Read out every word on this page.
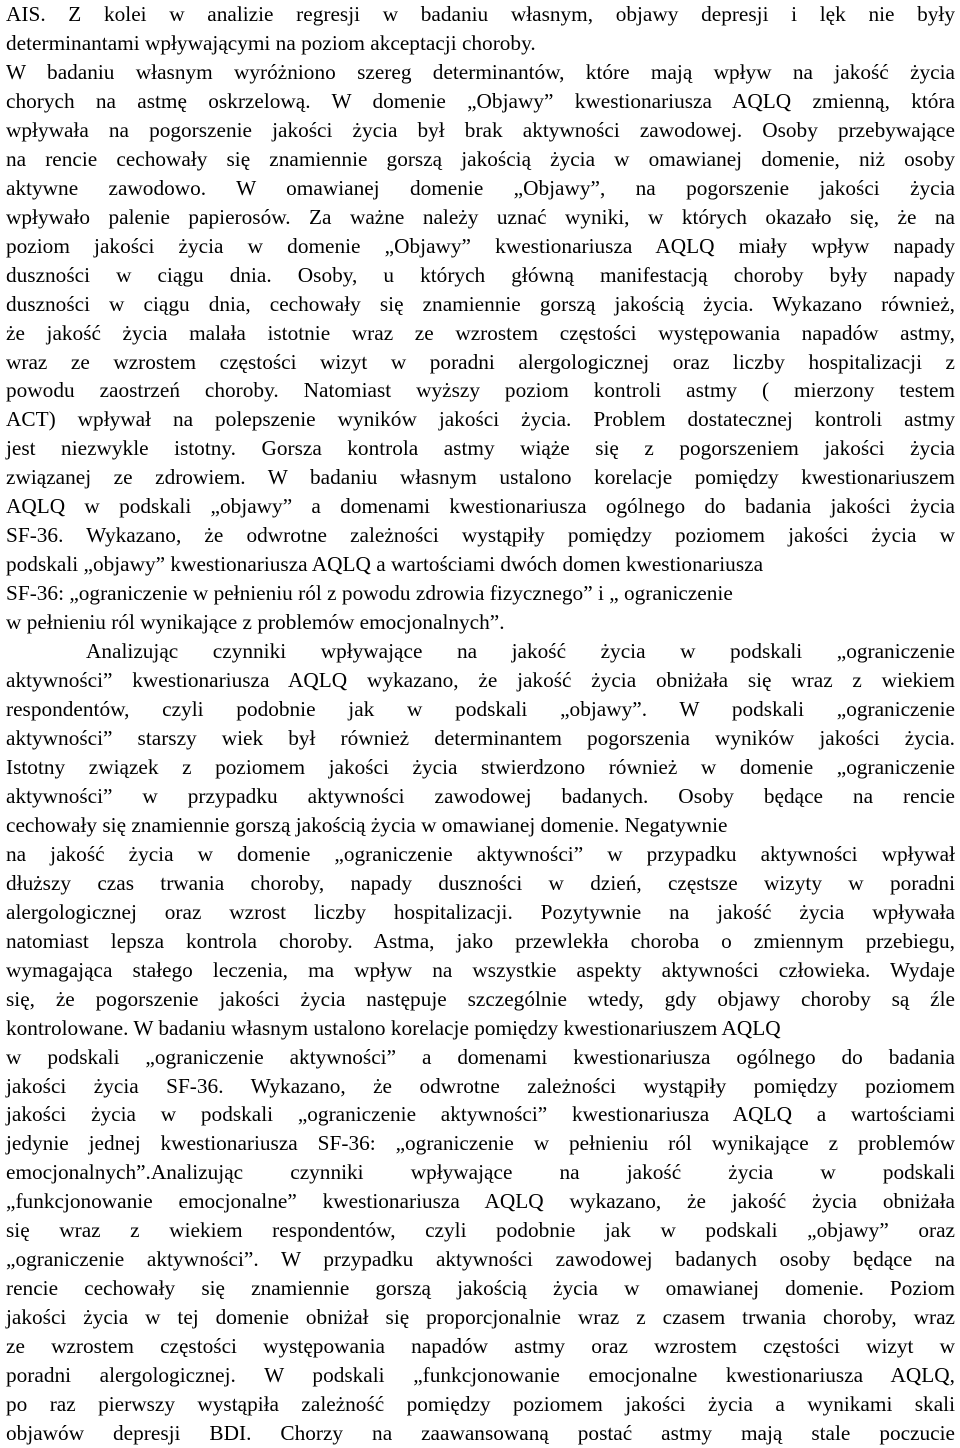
AIS. Z kolei w analizie regresji w badaniu własnym, objawy depresji i lęk nie były
determinantami wpływającymi na poziom akceptacji choroby.
W badaniu własnym wyróżniono szereg determinantów, które mają wpływ na jakość życia
chorych na astmę oskrzelową. W domenie „Objawy” kwestionariusza AQLQ zmienną, która
wpływała na pogorszenie jakości życia był brak aktywności zawodowej. Osoby przebywające
na rencie cechowały się znamiennie gorszą jakością życia w omawianej domenie, niż osoby
aktywne zawodowo. W omawianej domenie „Objawy”, na pogorszenie jakości życia
wpływało palenie papierosów. Za ważne należy uznać wyniki, w których okazało się, że na
poziom jakości życia w domenie „Objawy” kwestionariusza AQLQ miały wpływ napady
duszności w ciągu dnia. Osoby, u których główną manifestacją choroby były napady
duszności w ciągu dnia, cechowały się znamiennie gorszą jakością życia. Wykazano również,
że jakość życia malała istotnie wraz ze wzrostem częstości występowania napadów astmy,
wraz ze wzrostem częstości wizyt w poradni alergologicznej oraz liczby hospitalizacji z
powodu zaostrzeń choroby. Natomiast wyższy poziom kontroli astmy ( mierzony testem
ACT) wpływał na polepszenie wyników jakości życia. Problem dostatecznej kontroli astmy
jest niezwykle istotny. Gorsza kontrola astmy wiąże się z pogorszeniem jakości życia
związanej ze zdrowiem. W badaniu własnym ustalono korelacje pomiędzy kwestionariuszem
AQLQ w podskali „objawy” a domenami kwestionariusza ogólnego do badania jakości życia
SF-36. Wykazano, że odwrotne zależności wystąpiły pomiędzy poziomem jakości życia w
podskali „objawy” kwestionariusza AQLQ a wartościami dwóch domen kwestionariusza
SF-36: „ograniczenie w pełnieniu ról z powodu zdrowia fizycznego” i „ ograniczenie
w pełnieniu ról wynikające z problemów emocjonalnych”.
Analizując czynniki wpływające na jakość życia w podskali „ograniczenie
aktywności” kwestionariusza AQLQ wykazano, że jakość życia obniżała się wraz z wiekiem
respondentów, czyli podobnie jak w podskali „objawy”. W podskali „ograniczenie
aktywności” starszy wiek był również determinantem pogorszenia wyników jakości życia.
Istotny związek z poziomem jakości życia stwierdzono również w domenie „ograniczenie
aktywności” w przypadku aktywności zawodowej badanych. Osoby będące na rencie
cechowały się znamiennie gorszą jakością życia w omawianej domenie. Negatywnie
na jakość życia w domenie „ograniczenie aktywności” w przypadku aktywności wpływał
dłuższy czas trwania choroby, napady duszności w dzień, częstsze wizyty w poradni
alergologicznej oraz wzrost liczby hospitalizacji. Pozytywnie na jakość życia wpływała
natomiast lepsza kontrola choroby. Astma, jako przewlekła choroba o zmiennym przebiegu,
wymagająca stałego leczenia, ma wpływ na wszystkie aspekty aktywności człowieka. Wydaje
się, że pogorszenie jakości życia następuje szczególnie wtedy, gdy objawy choroby są źle
kontrolowane. W badaniu własnym ustalono korelacje pomiędzy kwestionariuszem AQLQ
w podskali „ograniczenie aktywności” a domenami kwestionariusza ogólnego do badania
jakości życia SF-36. Wykazano, że odwrotne zależności wystąpiły pomiędzy poziomem
jakości życia w podskali „ograniczenie aktywności” kwestionariusza AQLQ a wartościami
jedynie jednej kwestionariusza SF-36: „ograniczenie w pełnieniu ról wynikające z problemów
emocjonalnych”.Analizując czynniki wpływające na jakość życia w podskali
„funkcjonowanie emocjonalne” kwestionariusza AQLQ wykazano, że jakość życia obniżała
się wraz z wiekiem respondentów, czyli podobnie jak w podskali „objawy” oraz
„ograniczenie aktywności”. W przypadku aktywności zawodowej badanych osoby będące na
rencie cechowały się znamiennie gorszą jakością życia w omawianej domenie. Poziom
jakości życia w tej domenie obniżał się proporcjonalnie wraz z czasem trwania choroby, wraz
ze wzrostem częstości występowania napadów astmy oraz wzrostem częstości wizyt w
poradni alergologicznej. W podskali „funkcjonowanie emocjonalne kwestionariusza AQLQ,
po raz pierwszy wystąpiła zależność pomiędzy poziomem jakości życia a wynikami skali
objawów depresji BDI. Chorzy na zaawansowaną postać astmy mają stale poczucie
